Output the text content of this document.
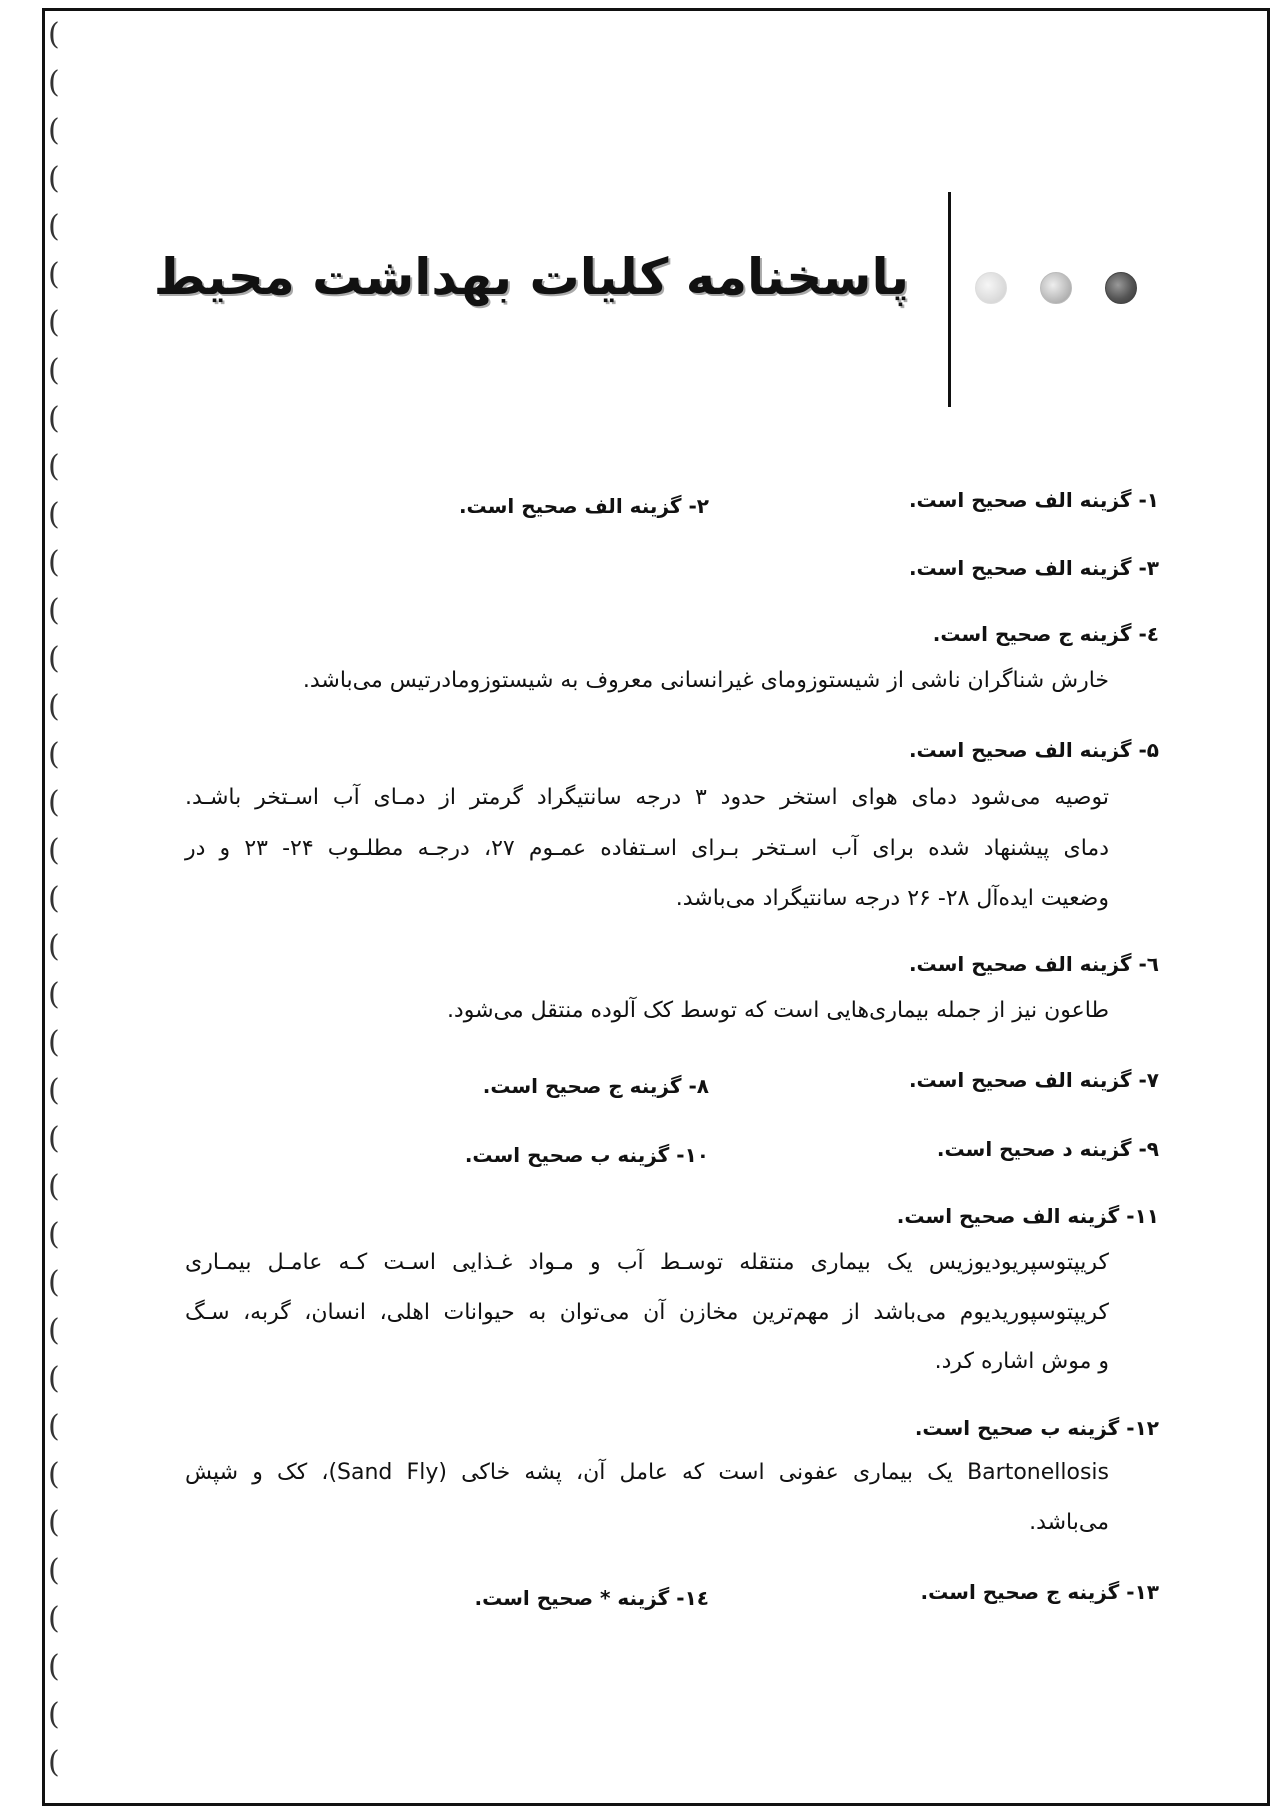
(
(
(
(
(
(
(
(
(
(
(
(
(
(
(
(
(
(
(
(
(
(
(
(
(
(
(
(
(
(
(
(
(
(
(
(
(
پاسخنامه کلیات بهداشت محیط
۱- گزینه الف صحیح است.
۲- گزینه الف صحیح است.
۳- گزینه الف صحیح است.
٤- گزینه ج صحیح است.
خارش شناگران ناشی از شیستوزومای غیرانسانی معروف به شیستوزومادرتیس می‌باشد.
۵- گزینه الف صحیح است.
توصیه می‌شود دمای هوای استخر حدود ۳ درجه سانتیگراد گرمتر از دمـای آب اسـتخر باشـد.
دمای پیشنهاد شده برای آب اسـتخر بـرای اسـتفاده عمـوم ۲۷، درجـه مطلـوب ۲۴- ۲۳ و در
وضعیت ایده‌آل ۲۸- ۲۶ درجه سانتیگراد می‌باشد.
٦- گزینه الف صحیح است.
طاعون نیز از جمله بیماری‌هایی است که توسط کک آلوده منتقل می‌شود.
۷- گزینه الف صحیح است.
۸- گزینه ج صحیح است.
۹- گزینه د صحیح است.
۱۰- گزینه ب صحیح است.
۱۱- گزینه الف صحیح است.
کریپتوسپریودیوزیس یک بیماری منتقله توسـط آب و مـواد غـذایی اسـت کـه عامـل بیمـاری
کریپتوسپوریدیوم می‌باشد از مهم‌ترین مخازن آن می‌توان به حیوانات اهلی، انسان، گربه، سـگ
و موش اشاره کرد.
۱۲- گزینه ب صحیح است.
Bartonellosis یک بیماری عفونی است که عامل آن، پشه خاکی (Sand Fly)، کک و شپش
می‌باشد.
۱۳- گزینه ج صحیح است.
١٤- گزینه * صحیح است.
